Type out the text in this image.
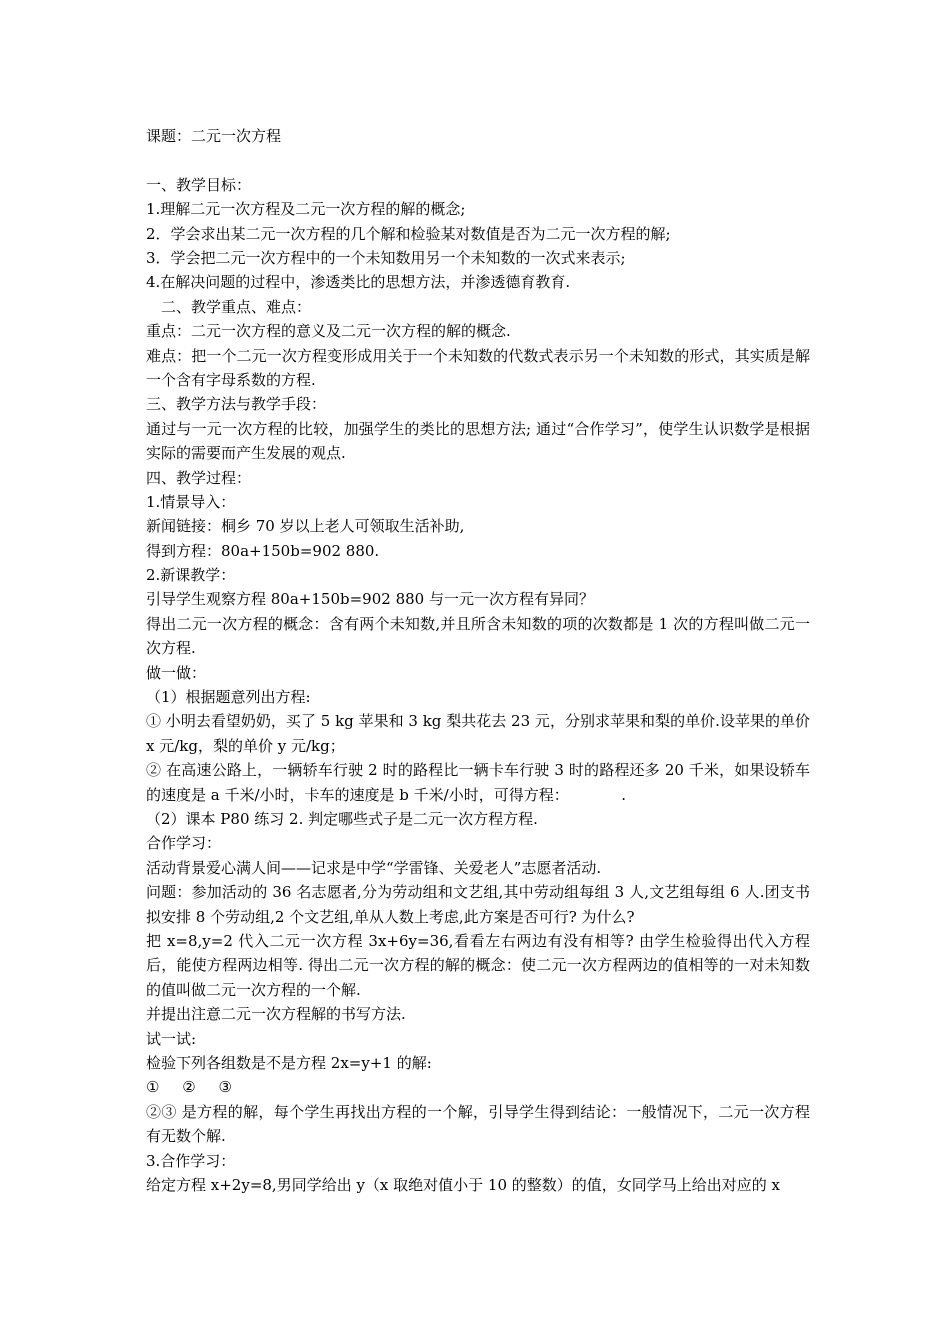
课题：二元一次方程
一、教学目标：
1.理解二元一次方程及二元一次方程的解的概念;
2．学会求出某二元一次方程的几个解和检验某对数值是否为二元一次方程的解;
3．学会把二元一次方程中的一个未知数用另一个未知数的一次式来表示;
4.在解决问题的过程中，渗透类比的思想方法，并渗透德育教育.
二、教学重点、难点：
重点：二元一次方程的意义及二元一次方程的解的概念.
难点：把一个二元一次方程变形成用关于一个未知数的代数式表示另一个未知数的形式，其实质是解一个含有字母系数的方程.
三、教学方法与教学手段：
通过与一元一次方程的比较，加强学生的类比的思想方法; 通过“合作学习”，使学生认识数学是根据实际的需要而产生发展的观点.
四、教学过程：
1.情景导入：
新闻链接：桐乡 70 岁以上老人可领取生活补助,
得到方程：80a+150b=902 880.
2.新课教学：
引导学生观察方程 80a+150b=902 880 与一元一次方程有异同？
得出二元一次方程的概念：含有两个未知数,并且所含未知数的项的次数都是 1 次的方程叫做二元一次方程.
做一做：
（1）根据题意列出方程:
① 小明去看望奶奶，买了 5 kg 苹果和 3 kg 梨共花去 23 元，分别求苹果和梨的单价.设苹果的单价 x 元/kg，梨的单价 y 元/kg；
② 在高速公路上，一辆轿车行驶 2 时的路程比一辆卡车行驶 3 时的路程还多 20 千米，如果设轿车的速度是 a 千米/小时，卡车的速度是 b 千米/小时，可得方程：　　　　.
（2）课本 P80 练习 2. 判定哪些式子是二元一次方程方程.
合作学习：
活动背景爱心满人间——记求是中学“学雷锋、关爱老人”志愿者活动.
问题：参加活动的 36 名志愿者,分为劳动组和文艺组,其中劳动组每组 3 人,文艺组每组 6 人.团支书拟安排 8 个劳动组,2 个文艺组,单从人数上考虑,此方案是否可行? 为什么?
把 x=8,y=2 代入二元一次方程 3x+6y=36,看看左右两边有没有相等? 由学生检验得出代入方程后，能使方程两边相等. 得出二元一次方程的解的概念：使二元一次方程两边的值相等的一对未知数的值叫做二元一次方程的一个解.
并提出注意二元一次方程解的书写方法.
试一试:
检验下列各组数是不是方程 2x=y+1 的解:
① ② ③
②③ 是方程的解，每个学生再找出方程的一个解，引导学生得到结论：一般情况下，二元一次方程有无数个解.
3.合作学习：
给定方程 x+2y=8,男同学给出 y（x 取绝对值小于 10 的整数）的值，女同学马上给出对应的 x
